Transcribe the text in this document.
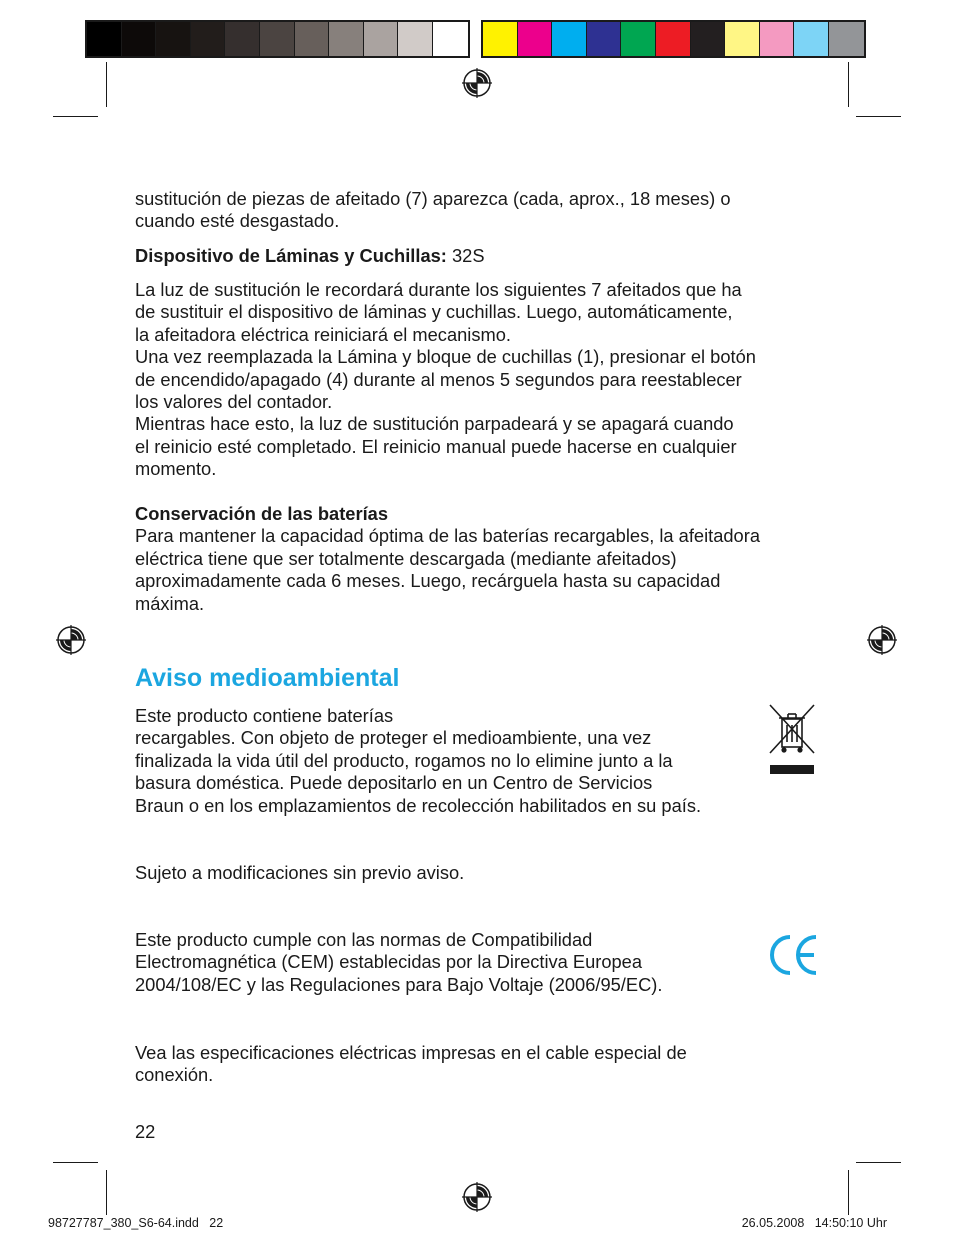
sustitución de piezas de afeitado (7) aparezca (cada, aprox., 18 meses) o cuando esté desgastado.

Dispositivo de Láminas y Cuchillas: 32S

La luz de sustitución le recordará durante los siguientes 7 afeitados que ha
de sustituir el dispositivo de láminas y cuchillas. Luego, automáticamente,
la afeitadora eléctrica reiniciará el mecanismo.
Una vez reemplazada la Lámina y bloque de cuchillas (1), presionar el botón
de encendido/apagado (4) durante al menos 5 segundos para reestablecer
los valores del contador.
Mientras hace esto, la luz de sustitución parpadeará y se apagará cuando
el reinicio esté completado. El reinicio manual puede hacerse en cualquier
momento.
Conservación de las baterías
Para mantener la capacidad óptima de las baterías recargables, la afeitadora
eléctrica tiene que ser totalmente descargada (mediante afeitados)
aproximadamente cada 6 meses. Luego, recárguela hasta su capacidad
máxima.
Aviso medioambiental
Este producto contiene baterías
recargables. Con objeto de proteger el medioambiente, una vez
finalizada la vida útil del producto, rogamos no lo elimine junto a la
basura doméstica. Puede depositarlo en un Centro de Servicios
Braun o en los emplazamientos de recolección habilitados en su país.

Sujeto a modificaciones sin previo aviso.

Este producto cumple con las normas de Compatibilidad
Electromagnética (CEM) establecidas por la Directiva Europea
2004/108/EC y las Regulaciones para Bajo Voltaje (2006/95/EC).
Vea las especificaciones eléctricas impresas en el cable especial de
conexión.

22

98727787_380_S6-64.indd   22	26.05.2008   14:50:10 Uhr
